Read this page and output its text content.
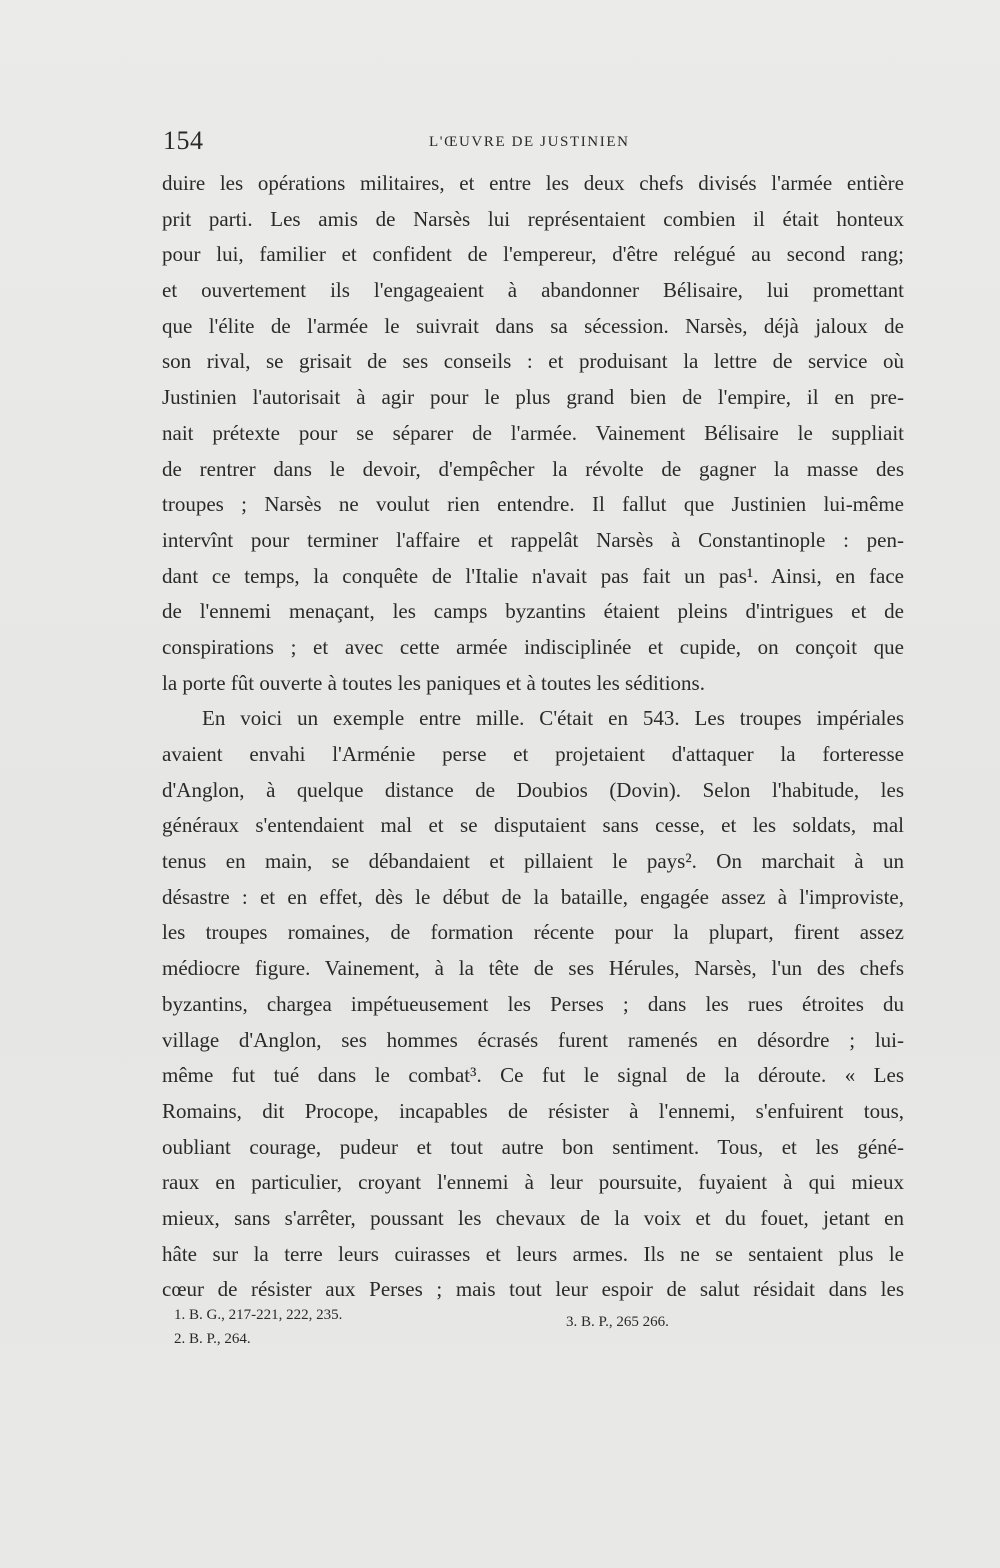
154	L'ŒUVRE DE JUSTINIEN
duire les opérations militaires, et entre les deux chefs divisés l'armée entière
prit parti. Les amis de Narsès lui représentaient combien il était honteux
pour lui, familier et confident de l'empereur, d'être relégué au second rang;
et ouvertement ils l'engageaient à abandonner Bélisaire, lui promettant
que l'élite de l'armée le suivrait dans sa sécession. Narsès, déjà jaloux de
son rival, se grisait de ses conseils : et produisant la lettre de service où
Justinien l'autorisait à agir pour le plus grand bien de l'empire, il en pre-
nait prétexte pour se séparer de l'armée. Vainement Bélisaire le suppliait
de rentrer dans le devoir, d'empêcher la révolte de gagner la masse des
troupes ; Narsès ne voulut rien entendre. Il fallut que Justinien lui-même
intervînt pour terminer l'affaire et rappelât Narsès à Constantinople : pen-
dant ce temps, la conquête de l'Italie n'avait pas fait un pas¹. Ainsi, en face
de l'ennemi menaçant, les camps byzantins étaient pleins d'intrigues et de
conspirations ; et avec cette armée indisciplinée et cupide, on conçoit que
la porte fût ouverte à toutes les paniques et à toutes les séditions.
En voici un exemple entre mille. C'était en 543. Les troupes impériales
avaient envahi l'Arménie perse et projetaient d'attaquer la forteresse
d'Anglon, à quelque distance de Doubios (Dovin). Selon l'habitude, les
généraux s'entendaient mal et se disputaient sans cesse, et les soldats, mal
tenus en main, se débandaient et pillaient le pays². On marchait à un
désastre : et en effet, dès le début de la bataille, engagée assez à l'improviste,
les troupes romaines, de formation récente pour la plupart, firent assez
médiocre figure. Vainement, à la tête de ses Hérules, Narsès, l'un des chefs
byzantins, chargea impétueusement les Perses ; dans les rues étroites du
village d'Anglon, ses hommes écrasés furent ramenés en désordre ; lui-
même fut tué dans le combat³. Ce fut le signal de la déroute. « Les
Romains, dit Procope, incapables de résister à l'ennemi, s'enfuirent tous,
oubliant courage, pudeur et tout autre bon sentiment. Tous, et les géné-
raux en particulier, croyant l'ennemi à leur poursuite, fuyaient à qui mieux
mieux, sans s'arrêter, poussant les chevaux de la voix et du fouet, jetant en
hâte sur la terre leurs cuirasses et leurs armes. Ils ne se sentaient plus le
cœur de résister aux Perses ; mais tout leur espoir de salut résidait dans les
1. B. G., 217-221, 222, 235.
2. B. P., 264.
3. B. P., 265 266.
